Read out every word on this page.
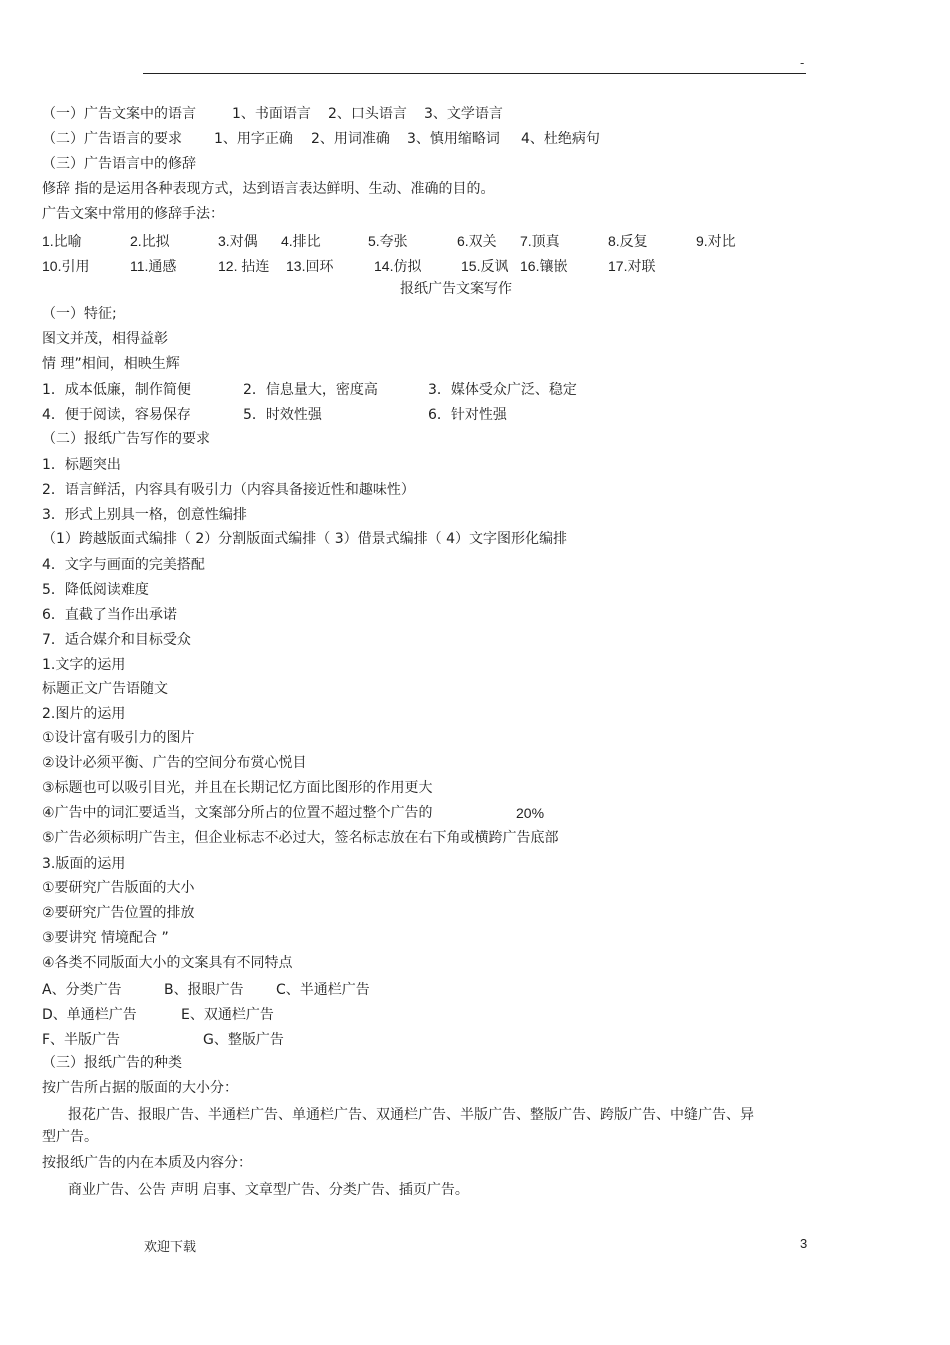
-
（一）广告文案中的语言	1、书面语言 2、口头语言 3、文学语言
（二）广告语言的要求 1、用字正确 2、用词准确 3、慎用缩略词 4、杜绝病句
（三）广告语言中的修辞
修辞 指的是运用各种表现方式，达到语言表达鲜明、生动、准确的目的。
广告文案中常用的修辞手法：
1.比喻	2.比拟	3.对偶 4.排比	5.夸张	6.双关 7.顶真	8.反复	9.对比
10.引用	11.通感	12. 拈连 13.回环	14.仿拟	15.反讽 16.镶嵌	17.对联
报纸广告文案写作
（一）特征;
图文并茂，相得益彰
情 理”相间，相映生辉
1．成本低廉，制作简便	2．信息量大，密度高	3．媒体受众广泛、稳定
4．便于阅读，容易保存	5．时效性强	6．针对性强
（二）报纸广告写作的要求
1．标题突出
2．语言鲜活，内容具有吸引力（内容具备接近性和趣味性）
3．形式上别具一格，创意性编排
（1）跨越版面式编排（ 2）分割版面式编排（ 3）借景式编排（ 4）文字图形化编排
4．文字与画面的完美搭配
5．降低阅读难度
6．直截了当作出承诺
7．适合媒介和目标受众
1.文字的运用
标题正文广告语随文
2.图片的运用
①设计富有吸引力的图片
②设计必须平衡、广告的空间分布赏心悦目
③标题也可以吸引目光，并且在长期记忆方面比图形的作用更大
④广告中的词汇要适当，文案部分所占的位置不超过整个广告的	20%
⑤广告必须标明广告主，但企业标志不必过大，签名标志放在右下角或横跨广告底部
3.版面的运用
①要研究广告版面的大小
②要研究广告位置的排放
③要讲究 情境配合 ”
④各类不同版面大小的文案具有不同特点
A、分类广告	B、报眼广告 C、半通栏广告
D、单通栏广告	E、双通栏广告
F、半版广告	G、整版广告
（三）报纸广告的种类
按广告所占据的版面的大小分：
报花广告、报眼广告、半通栏广告、单通栏广告、双通栏广告、半版广告、整版广告、跨版广告、中缝广告、异
型广告。
按报纸广告的内在本质及内容分：
商业广告、公告 声明 启事、文章型广告、分类广告、插页广告。
欢迎下载	3
